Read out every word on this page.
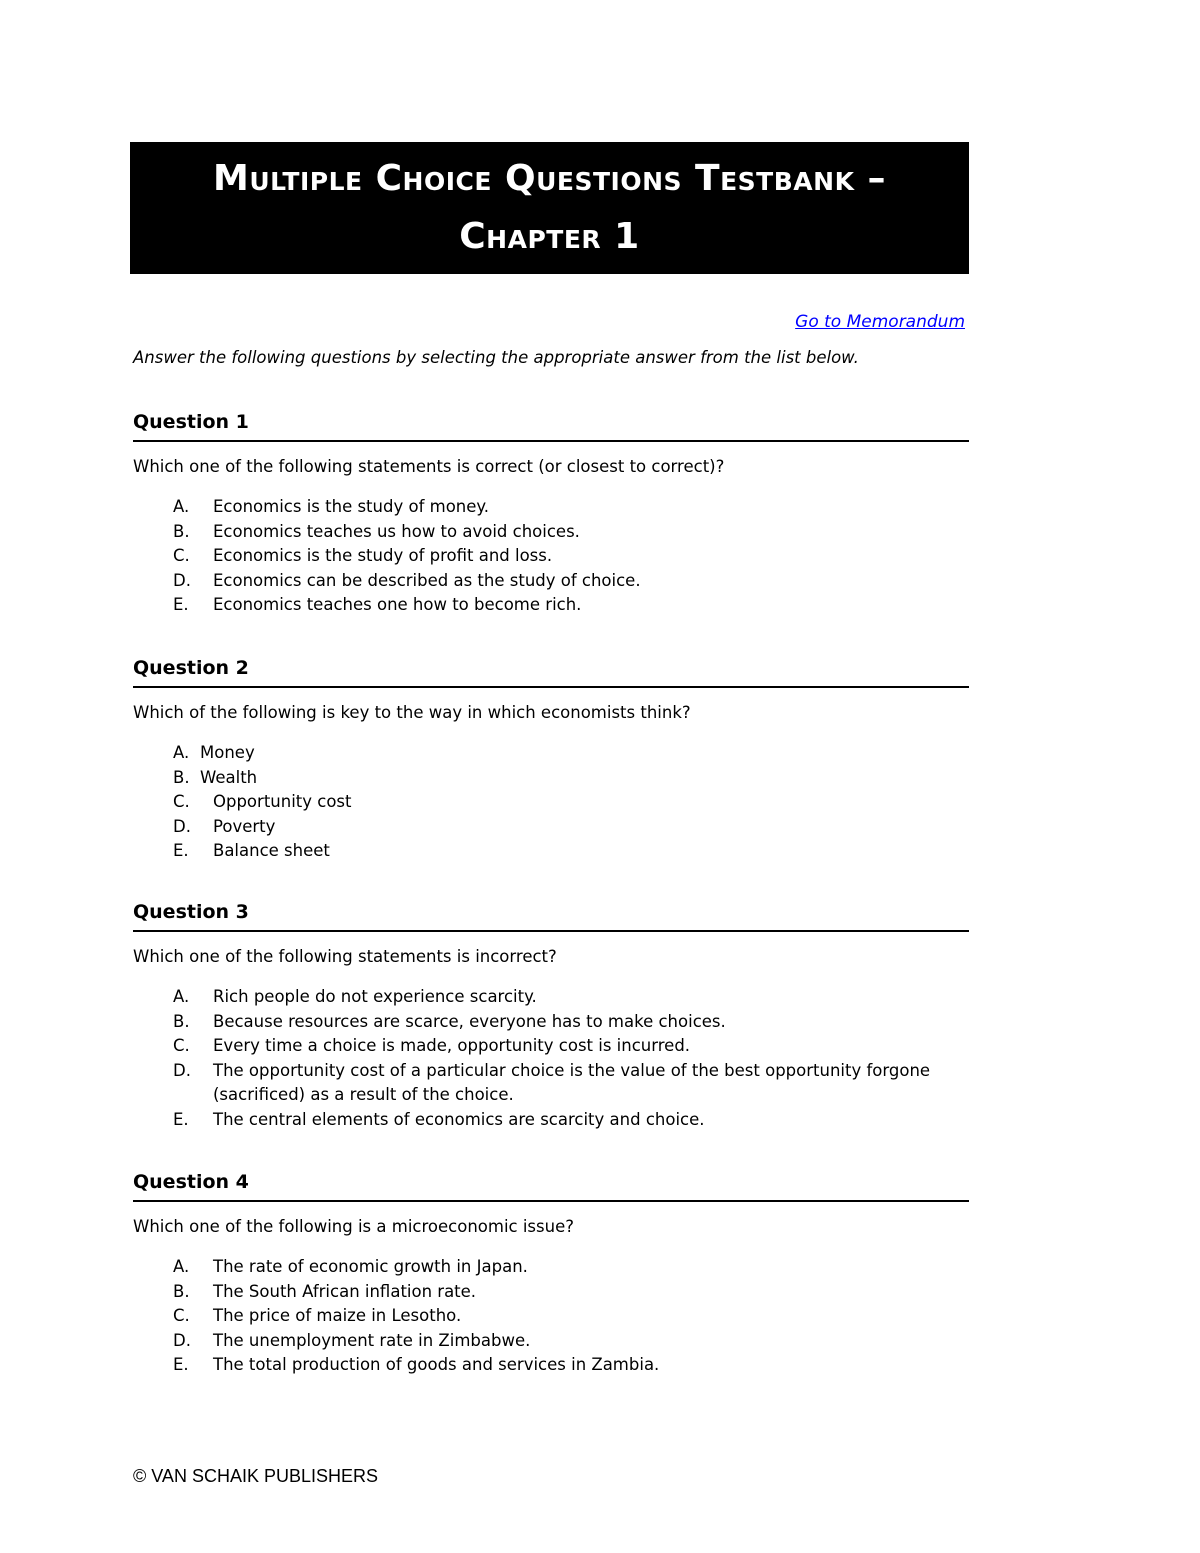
Multiple Choice Questions Testbank –
Chapter 1
Go to Memorandum
Answer the following questions by selecting the appropriate answer from the list below.
Question 1
Which one of the following statements is correct (or closest to correct)?
A.	Economics is the study of money.
B.	Economics teaches us how to avoid choices.
C.	Economics is the study of profit and loss.
D.	Economics can be described as the study of choice.
E.	Economics teaches one how to become rich.
Question 2
Which of the following is key to the way in which economists think?
A. Money
B. Wealth
C.	Opportunity cost
D.	Poverty
E.	Balance sheet
Question 3
Which one of the following statements is incorrect?
A.	Rich people do not experience scarcity.
B.	Because resources are scarce, everyone has to make choices.
C.	Every time a choice is made, opportunity cost is incurred.
D.	The opportunity cost of a particular choice is the value of the best opportunity forgone (sacrificed) as a result of the choice.
E.	The central elements of economics are scarcity and choice.
Question 4
Which one of the following is a microeconomic issue?
A.	The rate of economic growth in Japan.
B.	The South African inflation rate.
C.	The price of maize in Lesotho.
D.	The unemployment rate in Zimbabwe.
E.	The total production of goods and services in Zambia.
© VAN SCHAIK PUBLISHERS
